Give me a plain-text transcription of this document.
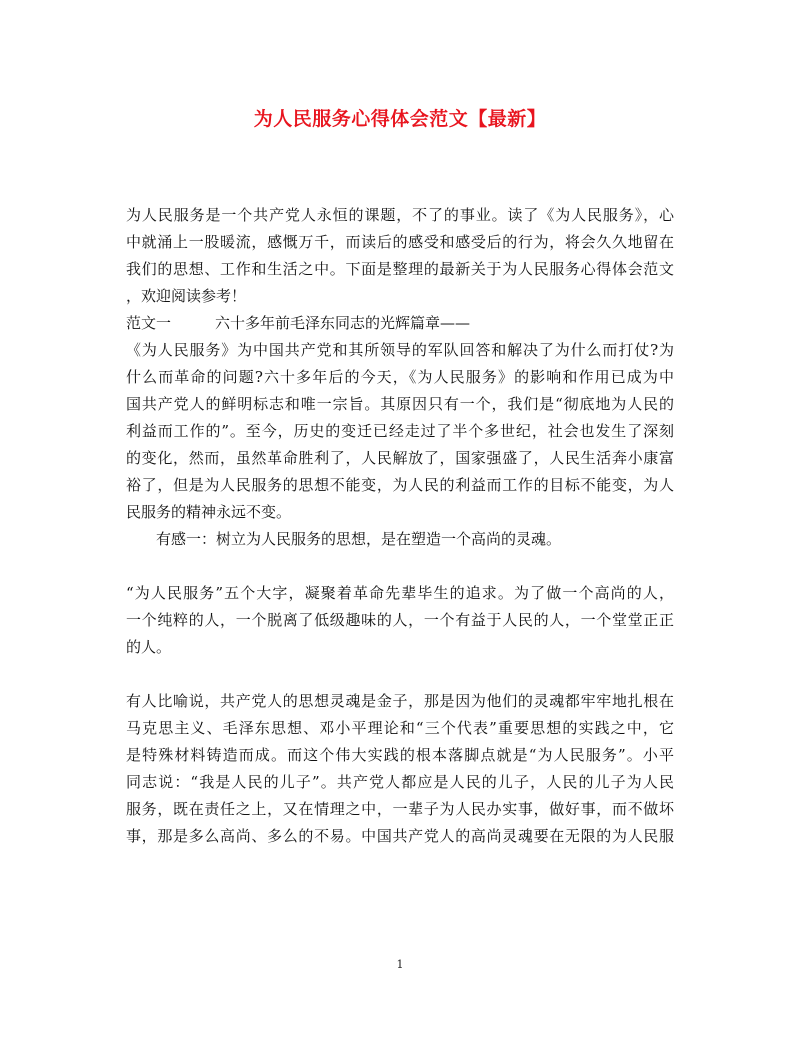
为人民服务心得体会范文【最新】
为人民服务是一个共产党人永恒的课题，不了的事业。读了《为人民服务》，心
中就涌上一股暖流，感慨万千，而读后的感受和感受后的行为，将会久久地留在
我们的思想、工作和生活之中。下面是整理的最新关于为人民服务心得体会范文
，欢迎阅读参考！
范文一	六十多年前毛泽东同志的光辉篇章——
《为人民服务》为中国共产党和其所领导的军队回答和解决了为什么而打仗?为
什么而革命的问题?六十多年后的今天，《为人民服务》的影响和作用已成为中
国共产党人的鲜明标志和唯一宗旨。其原因只有一个，我们是“彻底地为人民的
利益而工作的”。至今，历史的变迁已经走过了半个多世纪，社会也发生了深刻
的变化，然而，虽然革命胜利了，人民解放了，国家强盛了，人民生活奔小康富
裕了，但是为人民服务的思想不能变，为人民的利益而工作的目标不能变，为人
民服务的精神永远不变。
有感一：树立为人民服务的思想，是在塑造一个高尚的灵魂。
“为人民服务”五个大字，凝聚着革命先辈毕生的追求。为了做一个高尚的人，
一个纯粹的人，一个脱离了低级趣味的人，一个有益于人民的人，一个堂堂正正
的人。
有人比喻说，共产党人的思想灵魂是金子，那是因为他们的灵魂都牢牢地扎根在
马克思主义、毛泽东思想、邓小平理论和“三个代表”重要思想的实践之中，它
是特殊材料铸造而成。而这个伟大实践的根本落脚点就是“为人民服务”。小平
同志说：“我是人民的儿子”。共产党人都应是人民的儿子，人民的儿子为人民
服务，既在责任之上，又在情理之中，一辈子为人民办实事，做好事，而不做坏
事，那是多么高尚、多么的不易。中国共产党人的高尚灵魂要在无限的为人民服
1
